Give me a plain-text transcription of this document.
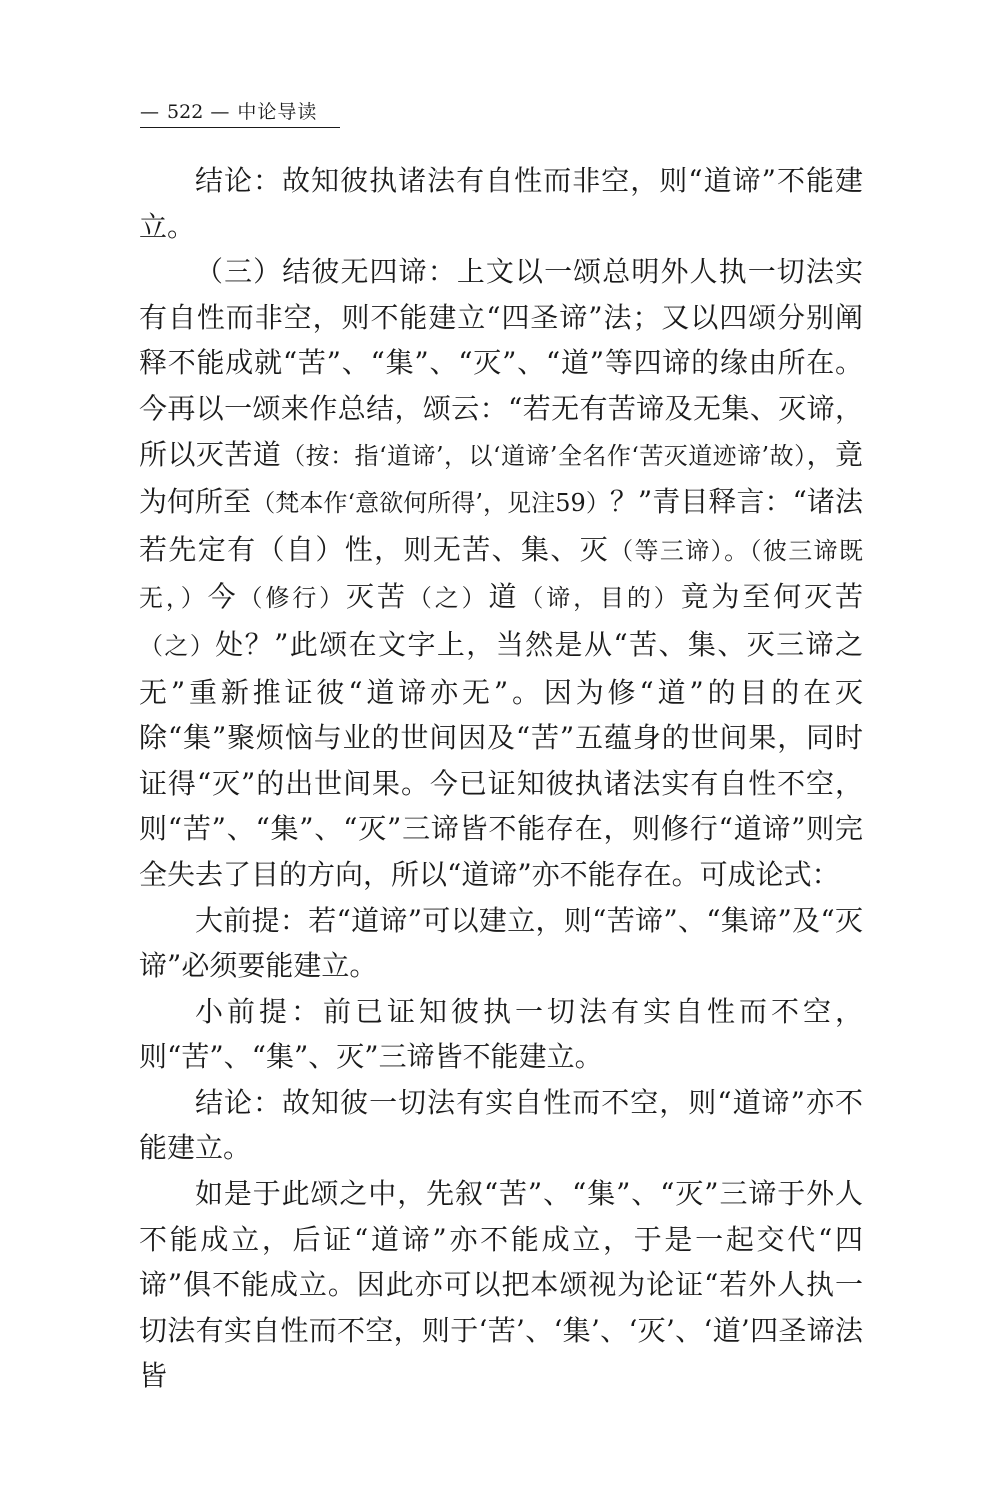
— 522 — 中论导读

结论：故知彼执诸法有自性而非空，则“道谛”不能建立。

（三）结彼无四谛：上文以一颂总明外人执一切法实有自性而非空，则不能建立“四圣谛”法；又以四颂分别阐释不能成就“苦”、“集”、“灭”、“道”等四谛的缘由所在。今再以一颂来作总结，颂云：“若无有苦谛及无集、灭谛，所以灭苦道（按：指‘道谛’，以‘道谛’全名作‘苦灭道迹谛’故），竟为何所至（梵本作‘意欲何所得’，见注59）？”青目释言：“诸法若先定有（自）性，则无苦、集、灭（等三谛）。（彼三谛既无，）今（修行）灭苦（之）道（谛，目的）竟为至何灭苦（之）处？”此颂在文字上，当然是从“苦、集、灭三谛之无”重新推证彼“道谛亦无”。因为修“道”的目的在灭除“集”聚烦恼与业的世间因及“苦”五蕴身的世间果，同时证得“灭”的出世间果。今已证知彼执诸法实有自性不空，则“苦”、“集”、“灭”三谛皆不能存在，则修行“道谛”则完全失去了目的方向，所以“道谛”亦不能存在。可成论式：

大前提：若“道谛”可以建立，则“苦谛”、“集谛”及“灭谛”必须要能建立。

小前提：前已证知彼执一切法有实自性而不空，则“苦”、“集”、灭”三谛皆不能建立。

结论：故知彼一切法有实自性而不空，则“道谛”亦不能建立。

如是于此颂之中，先叙“苦”、“集”、“灭”三谛于外人不能成立，后证“道谛”亦不能成立，于是一起交代“四谛”俱不能成立。因此亦可以把本颂视为论证“若外人执一切法有实自性而不空，则于‘苦’、‘集’、‘灭’、‘道’四圣谛法皆
